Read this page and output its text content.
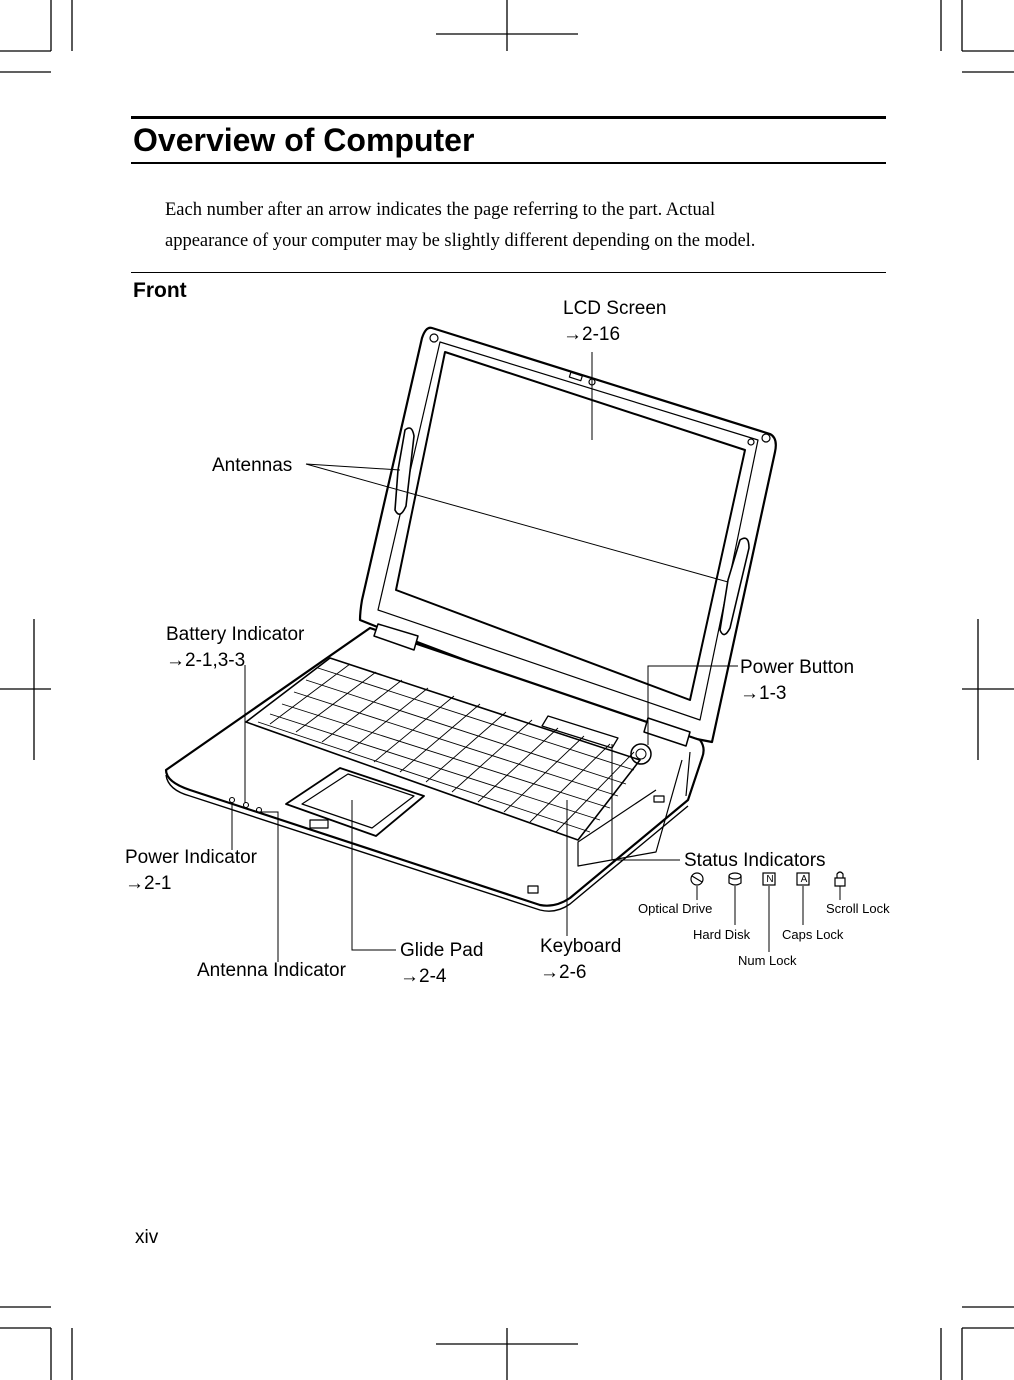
Overview of Computer
Each number after an arrow indicates the page referring to the part. Actual
appearance of your computer may be slightly different depending on the model.
Front
LCD Screen
→2-16
Antennas
Battery Indicator
→2-1,3-3	Power Button
→1-3
Power Indicator
→2-1
Status Indicators
Antenna Indicator
Glide Pad
→2-4
Keyboard
→2-6
N	A
Optical Drive	Scroll Lock
Hard Disk Caps Lock
Num Lock
xiv
